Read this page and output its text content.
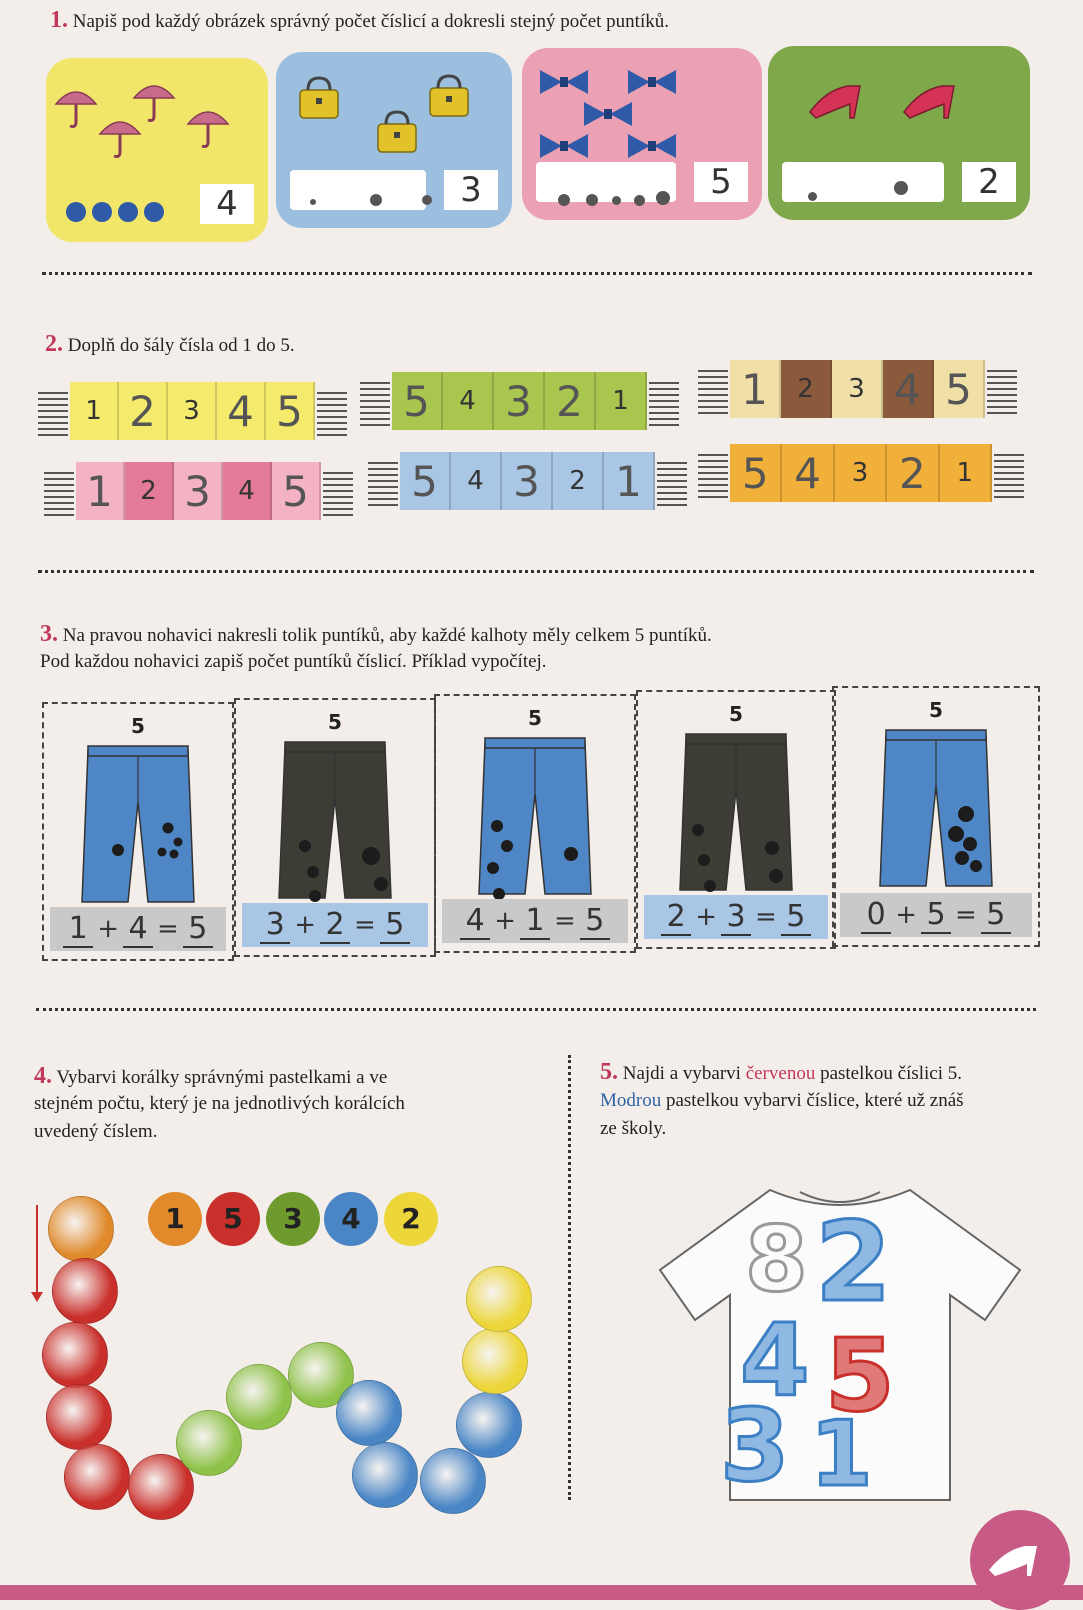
1. Napiš pod každý obrázek správný počet číslicí a dokresli stejný počet puntíků.
4	3	5	2
2. Doplň do šály čísla od 1 do 5.
1 2	3 4 5 5	4 3 2	1	1	2	3 4 5
1	2 3	4 5 5	4 3	2 1	5 4	3 2	1
3. Na pravou nohavici nakresli tolik puntíků, aby každé kalhoty měly celkem 5 puntíků.
Pod každou nohavici zapiš počet puntíků číslicí. Příklad vypočítej.
5
1 + 4 = 5
5
3 + 2 = 5
5
4 + 1 = 5
5
2 + 3 = 5
5
0 + 5 = 5
4. Vybarvi korálky správnými pastelkami a ve
stejném počtu, který je na jednotlivých korálcích
uvedený číslem.
1	5	3	4	2
5. Najdi a vybarvi červenou pastelkou číslici 5.
Modrou pastelkou vybarvi číslice, které už znáš
ze školy.
8 2
4 5
3 1
